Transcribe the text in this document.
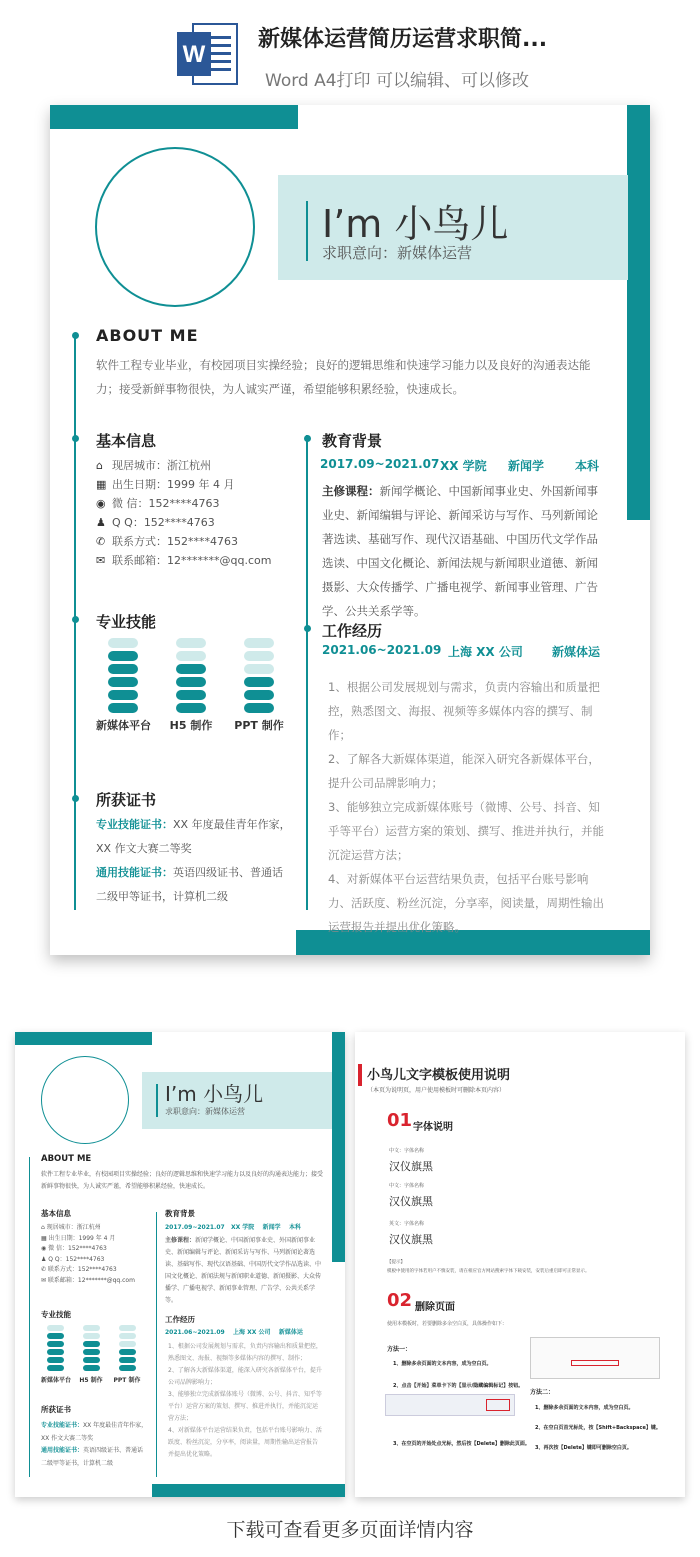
W
新媒体运营简历运营求职简...
Word A4打印 可以编辑、可以修改
I’m 小鸟儿
求职意向：新媒体运营
ABOUT ME
软件工程专业毕业，有校园项目实操经验；良好的逻辑思维和快速学习能力以及良好的沟通表达能力；接受新鲜事物很快，为人诚实严谨，希望能够积累经验，快速成长。
基本信息
⌂ 现居城市：浙江杭州
▦ 出生日期：1999 年 4 月
◉ 微 信：152****4763
♟ Q Q：152****4763
✆ 联系方式：152****4763
✉ 联系邮箱：12*******@qq.com
专业技能
新媒体平台	H5 制作	PPT 制作
所获证书
专业技能证书：XX 年度最佳青年作家，
XX 作文大赛二等奖
通用技能证书：英语四级证书、普通话
二级甲等证书，计算机二级
教育背景
2017.09~2021.07 XX 学院 新闻学	本科
主修课程：新闻学概论、中国新闻事业史、外国新闻事业史、新闻编辑与评论、新闻采访与写作、马列新闻论著选读、基础写作、现代汉语基础、中国历代文学作品选读、中国文化概论、新闻法规与新闻职业道德、新闻摄影、大众传播学、广播电视学、新闻事业管理、广告学、公共关系学等。
工作经历
2021.06~2021.09 上海 XX 公司 新媒体运
1、根据公司发展规划与需求，负责内容输出和质量把控，熟悉图文、海报、视频等多媒体内容的撰写、制作；
2、了解各大新媒体渠道，能深入研究各新媒体平台，提升公司品牌影响力；
3、能够独立完成新媒体账号（微博、公号、抖音、知乎等平台）运营方案的策划、撰写、推进并执行，并能沉淀运营方法；
4、对新媒体平台运营结果负责，包括平台账号影响力、活跃度、粉丝沉淀，分享率，阅读量，周期性输出运营报告并提出优化策略。
I’m 小鸟儿
求职意向：新媒体运营
ABOUT ME
软件工程专业毕业，有校园项目实操经验；良好的逻辑思维和快速学习能力以及良好的沟通表达能力；接受新鲜事物很快，为人诚实严谨，希望能够积累经验，快速成长。
基本信息
⌂ 现居城市：浙江杭州
▦ 出生日期：1999 年 4 月
◉ 微 信：152****4763
♟ Q Q：152****4763
✆ 联系方式：152****4763
✉ 联系邮箱：12*******@qq.com
专业技能
新媒体平台	H5 制作	PPT 制作
所获证书
专业技能证书：XX 年度最佳青年作家，
XX 作文大赛二等奖
通用技能证书：英语四级证书、普通话
二级甲等证书，计算机二级
教育背景
2017.09~2021.07 XX 学院 新闻学 本科
主修课程：新闻学概论、中国新闻事业史、外国新闻事业史、新闻编辑与评论、新闻采访与写作、马列新闻论著选读、基础写作、现代汉语基础、中国历代文学作品选读、中国文化概论、新闻法规与新闻职业道德、新闻摄影、大众传播学、广播电视学、新闻事业管理、广告学、公共关系学等。
工作经历
2021.06~2021.09 上海 XX 公司 新媒体运
1、根据公司发展规划与需求，负责内容输出和质量把控，熟悉图文、海报、视频等多媒体内容的撰写、制作；
2、了解各大新媒体渠道，能深入研究各新媒体平台，提升公司品牌影响力；
3、能够独立完成新媒体账号（微博、公号、抖音、知乎等平台）运营方案的策划、撰写、推进并执行，并能沉淀运营方法；
4、对新媒体平台运营结果负责，包括平台账号影响力、活跃度、粉丝沉淀，分享率，阅读量，周期性输出运营报告并提出优化策略。
小鸟儿文字模板使用说明
（本页为说明页，用户使用模板时可删除本页内容）
01 字体说明
中文：字体名称
汉仪旗黑
中文：字体名称
汉仪旗黑
英文：字体名称
汉仪旗黑
【提示】
模板中使用的字体若用户不慎安装，请在相应官方网站搜索字体下载安装，安装后重启即可正常显示。
02 删除页面
使用本模板时，若要删除多余空白页，具体操作如下：
方法一：
1、删除多余页面的文本内容，成为空白页。
2、点击【开始】菜单卡下的【显示/隐藏编辑标记】按钮。
3、在空页的开始处点光标，然后按【Delete】删除此页面。
方法二：
1、删除多余页面的文本内容，成为空白页。
2、在空白页首光标处，按【Shift+Backspace】键。
3、再次按【Delete】键即可删除空白页。
下载可查看更多页面详情内容
